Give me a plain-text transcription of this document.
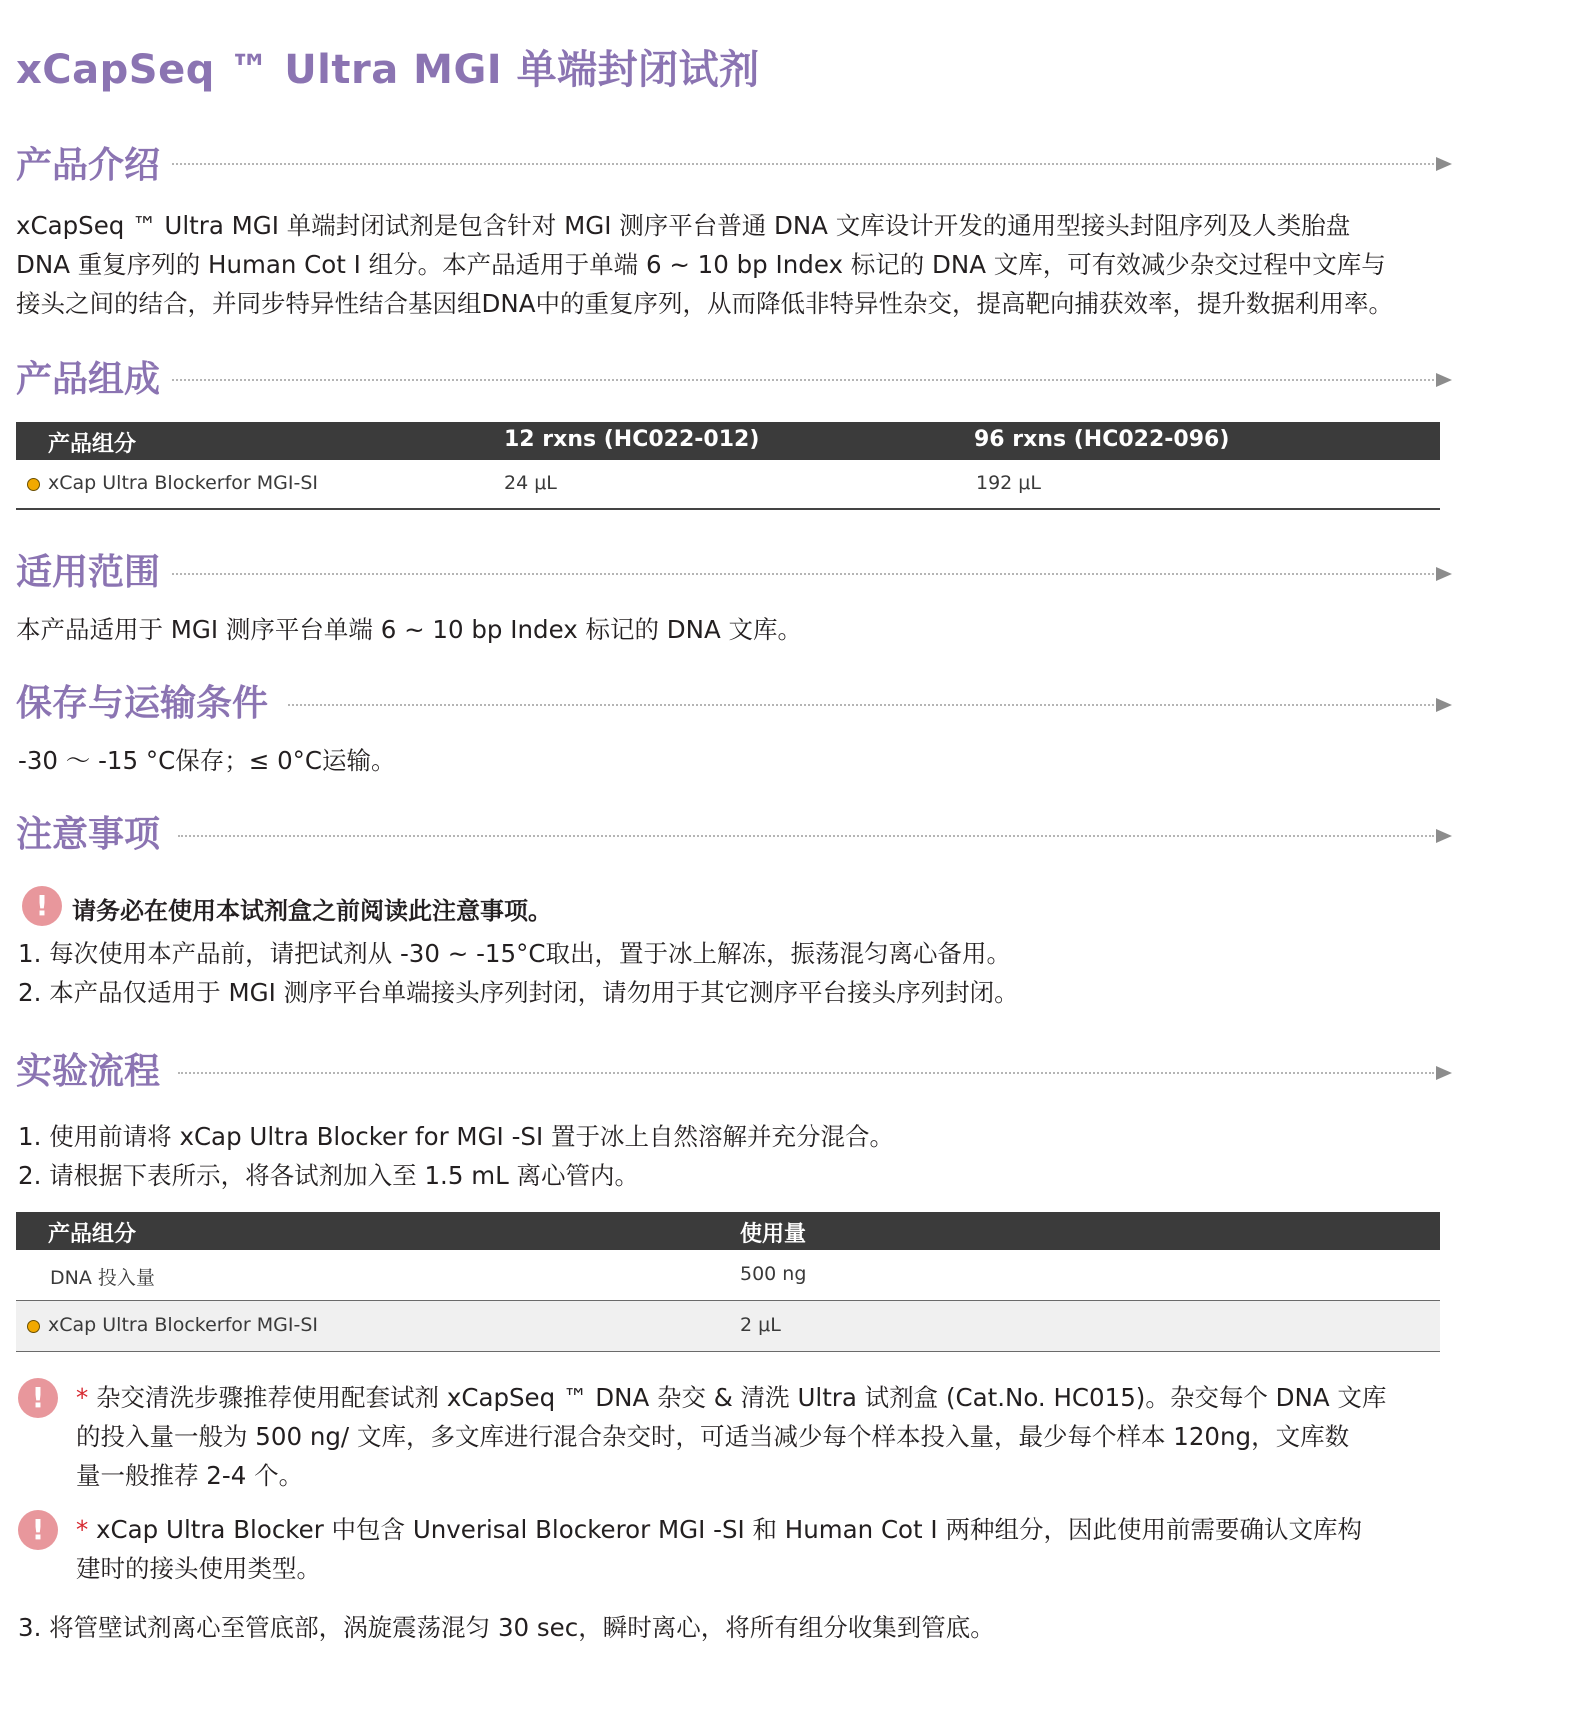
xCapSeq ™ Ultra MGI 单端封闭试剂
产品介绍
xCapSeq ™ Ultra MGI 单端封闭试剂是包含针对 MGI 测序平台普通 DNA 文库设计开发的通用型接头封阻序列及人类胎盘
DNA 重复序列的 Human Cot I 组分。本产品适用于单端 6 ~ 10 bp Index 标记的 DNA 文库，可有效减少杂交过程中文库与
接头之间的结合，并同步特异性结合基因组DNA中的重复序列，从而降低非特异性杂交，提高靶向捕获效率，提升数据利用率。
产品组成
产品组分	12 rxns (HC022-012)	96 rxns (HC022-096)
xCap Ultra Blockerfor MGI-SI	24 μL	192 μL
适用范围
本产品适用于 MGI 测序平台单端 6 ~ 10 bp Index 标记的 DNA 文库。
保存与运输条件
-30 ～ -15 °C保存；≤ 0°C运输。
注意事项
! 请务必在使用本试剂盒之前阅读此注意事项。
1. 每次使用本产品前，请把试剂从 -30 ~ -15°C取出，置于冰上解冻，振荡混匀离心备用。
2. 本产品仅适用于 MGI 测序平台单端接头序列封闭，请勿用于其它测序平台接头序列封闭。
实验流程
1. 使用前请将 xCap Ultra Blocker for MGI -SI 置于冰上自然溶解并充分混合。
2. 请根据下表所示，将各试剂加入至 1.5 mL 离心管内。
产品组分	使用量
DNA 投入量	500 ng
xCap Ultra Blockerfor MGI-SI	2 μL
!	* 杂交清洗步骤推荐使用配套试剂 xCapSeq ™ DNA 杂交 & 清洗 Ultra 试剂盒 (Cat.No. HC015)。杂交每个 DNA 文库
的投入量一般为 500 ng/ 文库，多文库进行混合杂交时，可适当减少每个样本投入量，最少每个样本 120ng，文库数
量一般推荐 2-4 个。
!	* xCap Ultra Blocker 中包含 Unverisal Blockeror MGI -SI 和 Human Cot I 两种组分，因此使用前需要确认文库构
建时的接头使用类型。
3. 将管壁试剂离心至管底部，涡旋震荡混匀 30 sec，瞬时离心，将所有组分收集到管底。
